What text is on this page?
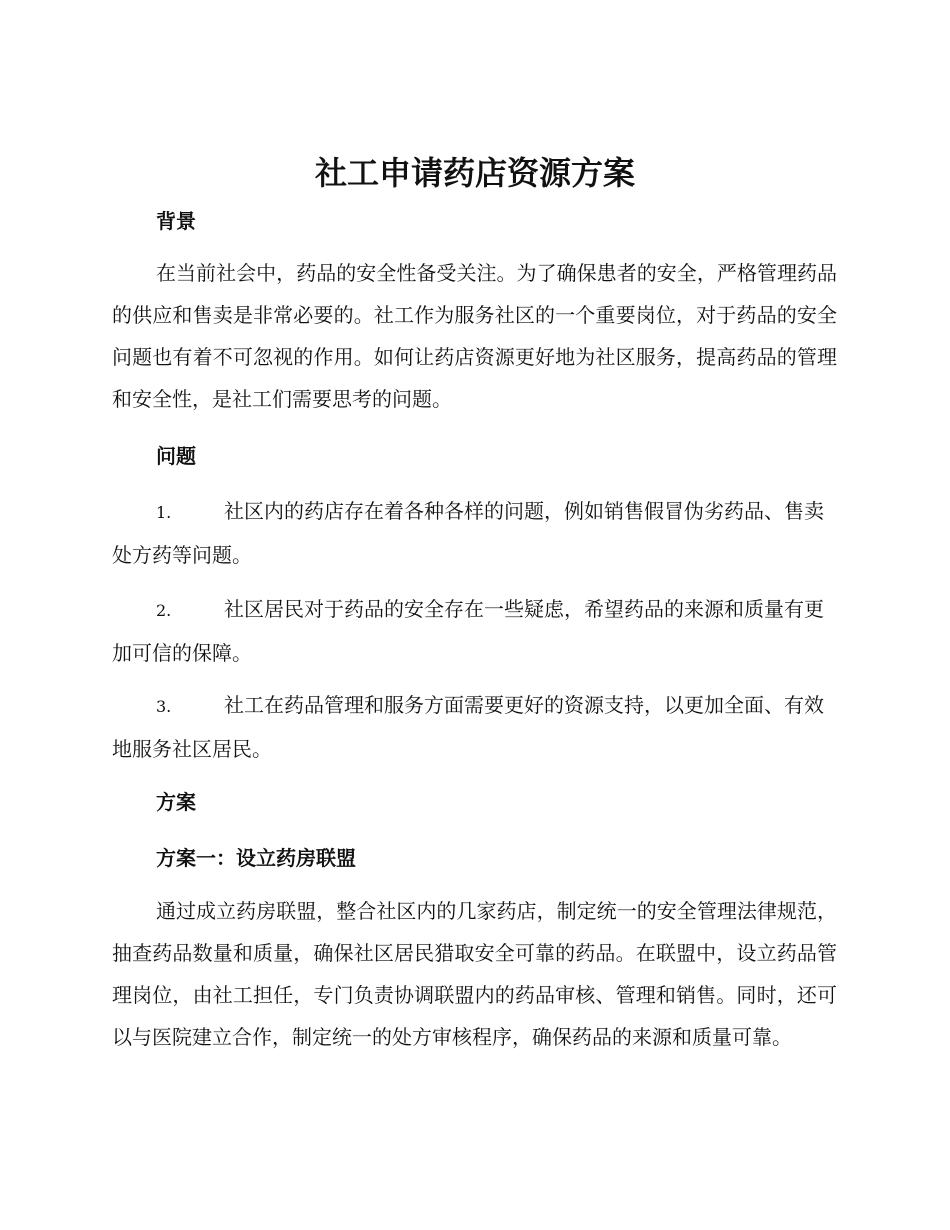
社工申请药店资源方案
背景

在当前社会中，药品的安全性备受关注。为了确保患者的安全，严格管理药品的供应和售卖是非常必要的。社工作为服务社区的一个重要岗位，对于药品的安全问题也有着不可忽视的作用。如何让药店资源更好地为社区服务，提高药品的管理和安全性，是社工们需要思考的问题。

问题

1.	社区内的药店存在着各种各样的问题，例如销售假冒伪劣药品、售卖处方药等问题。

2.	社区居民对于药品的安全存在一些疑虑，希望药品的来源和质量有更加可信的保障。

3.	社工在药品管理和服务方面需要更好的资源支持，以更加全面、有效地服务社区居民。

方案
方案一：设立药房联盟

通过成立药房联盟，整合社区内的几家药店，制定统一的安全管理法律规范，抽查药品数量和质量，确保社区居民猎取安全可靠的药品。在联盟中，设立药品管理岗位，由社工担任，专门负责协调联盟内的药品审核、管理和销售。同时，还可以与医院建立合作，制定统一的处方审核程序，确保药品的来源和质量可靠。
